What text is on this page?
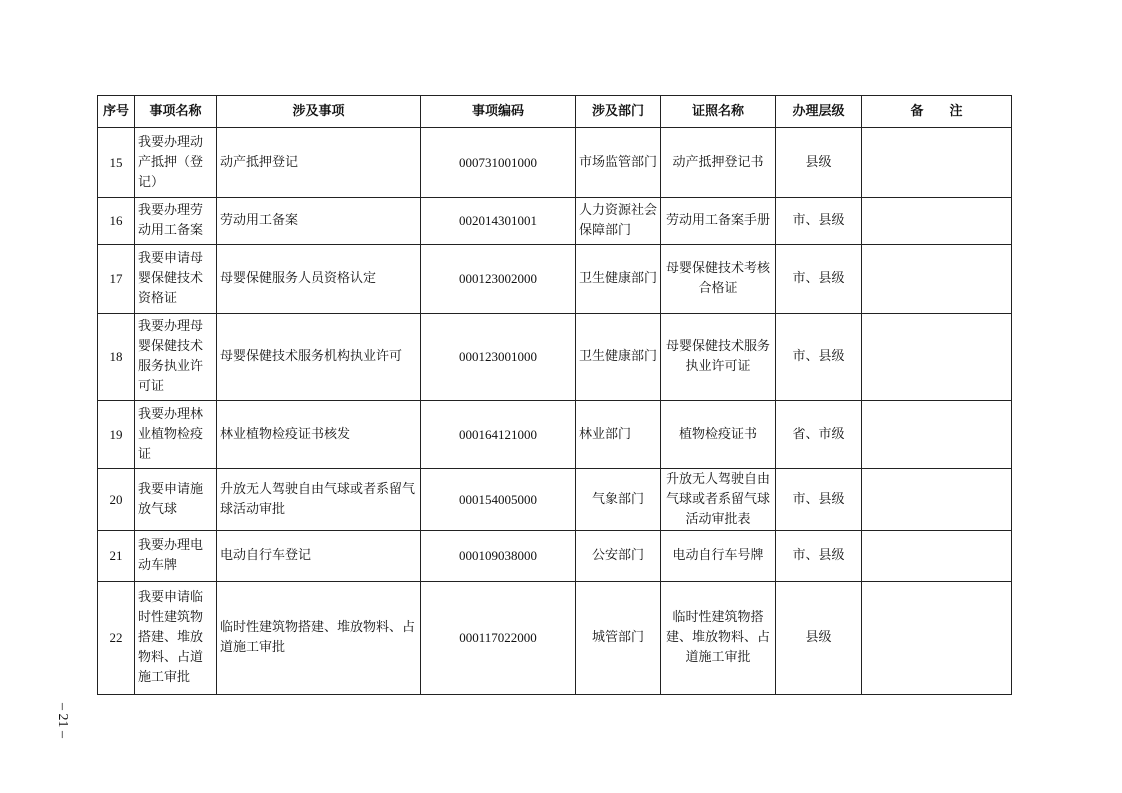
序号	事项名称	涉及事项	事项编码	涉及部门	证照名称	办理层级	备　　注
15	我要办理动产抵押（登记）	动产抵押登记	000731001000	市场监管部门	动产抵押登记书	县级	
16	我要办理劳动用工备案	劳动用工备案	002014301001	人力资源社会保障部门	劳动用工备案手册	市、县级	
17	我要申请母婴保健技术资格证	母婴保健服务人员资格认定	000123002000	卫生健康部门	母婴保健技术考核合格证	市、县级	
18	我要办理母婴保健技术服务执业许可证	母婴保健技术服务机构执业许可	000123001000	卫生健康部门	母婴保健技术服务执业许可证	市、县级	
19	我要办理林业植物检疫证	林业植物检疫证书核发	000164121000	林业部门	植物检疫证书	省、市级	
20	我要申请施放气球	升放无人驾驶自由气球或者系留气球活动审批	000154005000	气象部门	升放无人驾驶自由气球或者系留气球活动审批表	市、县级	
21	我要办理电动车牌	电动自行车登记	000109038000	公安部门	电动自行车号牌	市、县级	
22	我要申请临时性建筑物搭建、堆放物料、占道施工审批	临时性建筑物搭建、堆放物料、占道施工审批	000117022000	城管部门	临时性建筑物搭建、堆放物料、占道施工审批	县级	
– 21 –
